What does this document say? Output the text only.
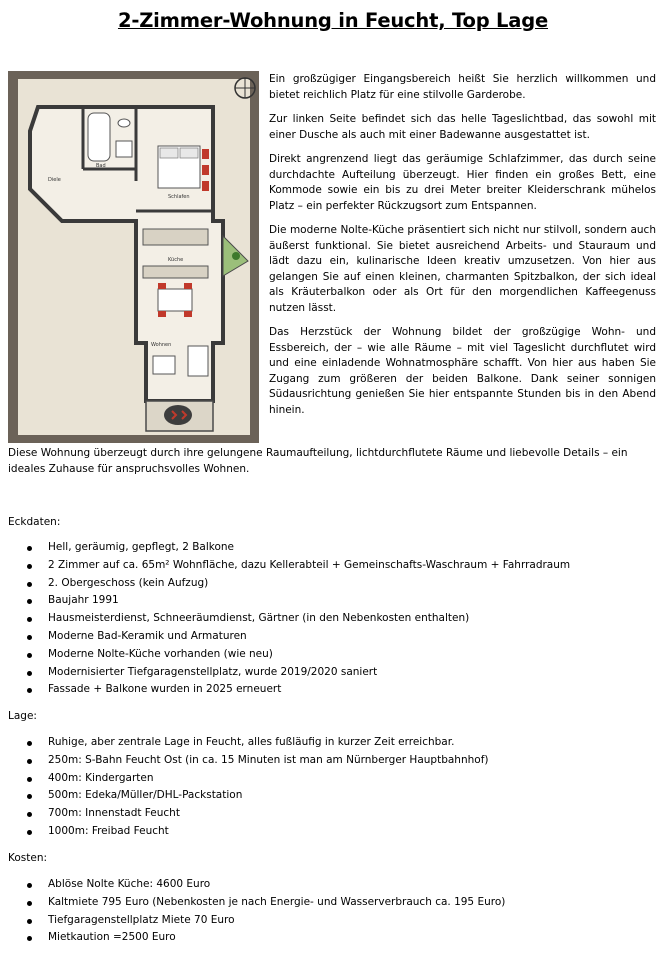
2-Zimmer-Wohnung in Feucht, Top Lage
Bad
Diele
Schlafen
Küche
Wohnen

Ein großzügiger Eingangsbereich heißt Sie herzlich willkommen und bietet reichlich Platz für eine stilvolle Garderobe.

Zur linken Seite befindet sich das helle Tageslichtbad, das sowohl mit einer Dusche als auch mit einer Badewanne ausgestattet ist.

Direkt angrenzend liegt das geräumige Schlafzimmer, das durch seine durchdachte Aufteilung überzeugt. Hier finden ein großes Bett, eine Kommode sowie ein bis zu drei Meter breiter Kleiderschrank mühelos Platz – ein perfekter Rückzugsort zum Entspannen.

Die moderne Nolte-Küche präsentiert sich nicht nur stilvoll, sondern auch äußerst funktional. Sie bietet ausreichend Arbeits- und Stauraum und lädt dazu ein, kulinarische Ideen kreativ umzusetzen. Von hier aus gelangen Sie auf einen kleinen, charmanten Spitzbalkon, der sich ideal als Kräuterbalkon oder als Ort für den morgendlichen Kaffeegenuss nutzen lässt.

Das Herzstück der Wohnung bildet der großzügige Wohn- und Essbereich, der – wie alle Räume – mit viel Tageslicht durchflutet wird und eine einladende Wohnatmosphäre schafft. Von hier aus haben Sie Zugang zum größeren der beiden Balkone. Dank seiner sonnigen Südausrichtung genießen Sie hier entspannte Stunden bis in den Abend hinein.

Diese Wohnung überzeugt durch ihre gelungene Raumaufteilung, lichtdurchflutete Räume und liebevolle Details – ein ideales Zuhause für anspruchsvolles Wohnen.
Eckdaten:
Hell, geräumig, gepflegt, 2 Balkone
2 Zimmer auf ca. 65m² Wohnfläche, dazu Kellerabteil + Gemeinschafts-Waschraum + Fahrradraum
2. Obergeschoss (kein Aufzug)
Baujahr 1991
Hausmeisterdienst, Schneeräumdienst, Gärtner (in den Nebenkosten enthalten)
Moderne Bad-Keramik und Armaturen
Moderne Nolte-Küche vorhanden (wie neu)
Modernisierter Tiefgaragenstellplatz, wurde 2019/2020 saniert
Fassade + Balkone wurden in 2025 erneuert
Lage:
Ruhige, aber zentrale Lage in Feucht, alles fußläufig in kurzer Zeit erreichbar.
250m: S-Bahn Feucht Ost (in ca. 15 Minuten ist man am Nürnberger Hauptbahnhof)
400m: Kindergarten
500m: Edeka/Müller/DHL-Packstation
700m: Innenstadt Feucht
1000m: Freibad Feucht
Kosten:
Ablöse Nolte Küche: 4600 Euro
Kaltmiete 795 Euro (Nebenkosten je nach Energie- und Wasserverbrauch ca. 195 Euro)
Tiefgaragenstellplatz Miete 70 Euro
Mietkaution =2500 Euro
